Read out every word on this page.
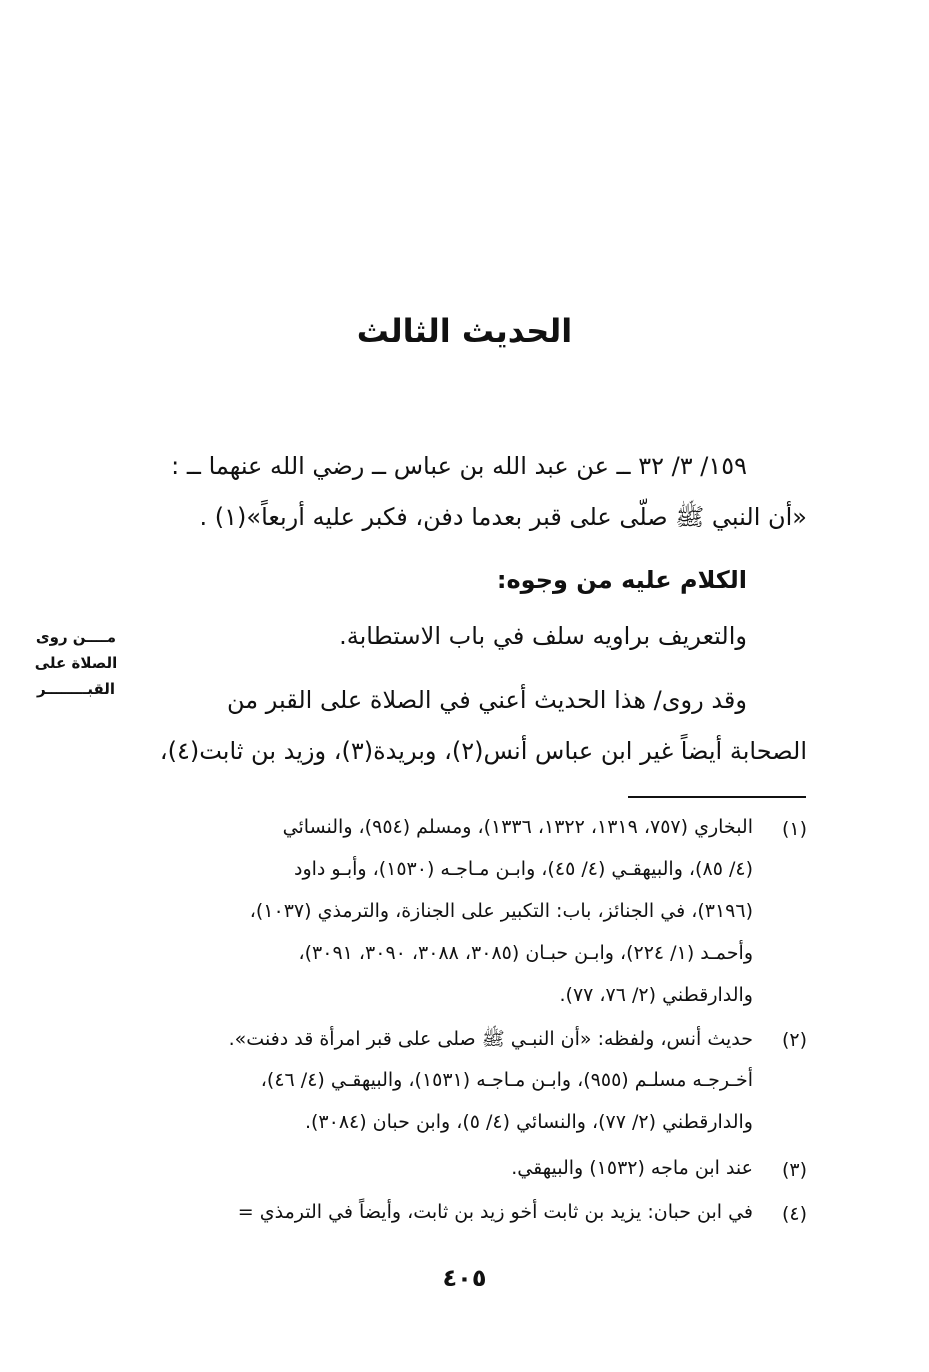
الحديث الثالث
١٥٩/ ٣/ ٣٢ ــ عن عبد الله بن عباس ــ رضي الله عنهما ــ :
«أن النبي ﷺ صلّى على قبر بعدما دفن، فكبر عليه أربعاً»(١) .
الكلام عليه من وجوه:
والتعريف براويه سلف في باب الاستطابة.
وقد روى/ هذا الحديث أعني في الصلاة على القبر من
الصحابة أيضاً غير ابن عباس أنس(٢)، وبريدة(٣)، وزيد بن ثابت(٤)،
مــــن روى
الصلاة على
القبــــــــر
(١)
البخاري (٧٥٧، ١٣١٩، ١٣٢٢، ١٣٣٦)، ومسلم (٩٥٤)، والنسائي
(٤/ ٨٥)، والبيهقـي (٤/ ٤٥)، وابـن مـاجـه (١٥٣٠)، وأبـو داود
(٣١٩٦)، في الجنائز، باب: التكبير على الجنازة، والترمذي (١٠٣٧)،
وأحمـد (١/ ٢٢٤)، وابـن حبـان (٣٠٨٥، ٣٠٨٨، ٣٠٩٠، ٣٠٩١)،
والدارقطني (٢/ ٧٦، ٧٧).
(٢)
حديث أنس، ولفظه: «أن النبـي ﷺ صلى على قبر امرأة قد دفنت».
أخـرجـه مسلـم (٩٥٥)، وابـن مـاجـه (١٥٣١)، والبيهقـي (٤/ ٤٦)،
والدارقطني (٢/ ٧٧)، والنسائي (٤/ ٥)، وابن حبان (٣٠٨٤).
(٣)
عند ابن ماجه (١٥٣٢) والبيهقي.
(٤)
في ابن حبان: يزيد بن ثابت أخو زيد بن ثابت، وأيضاً في الترمذي =
٤٠٥
